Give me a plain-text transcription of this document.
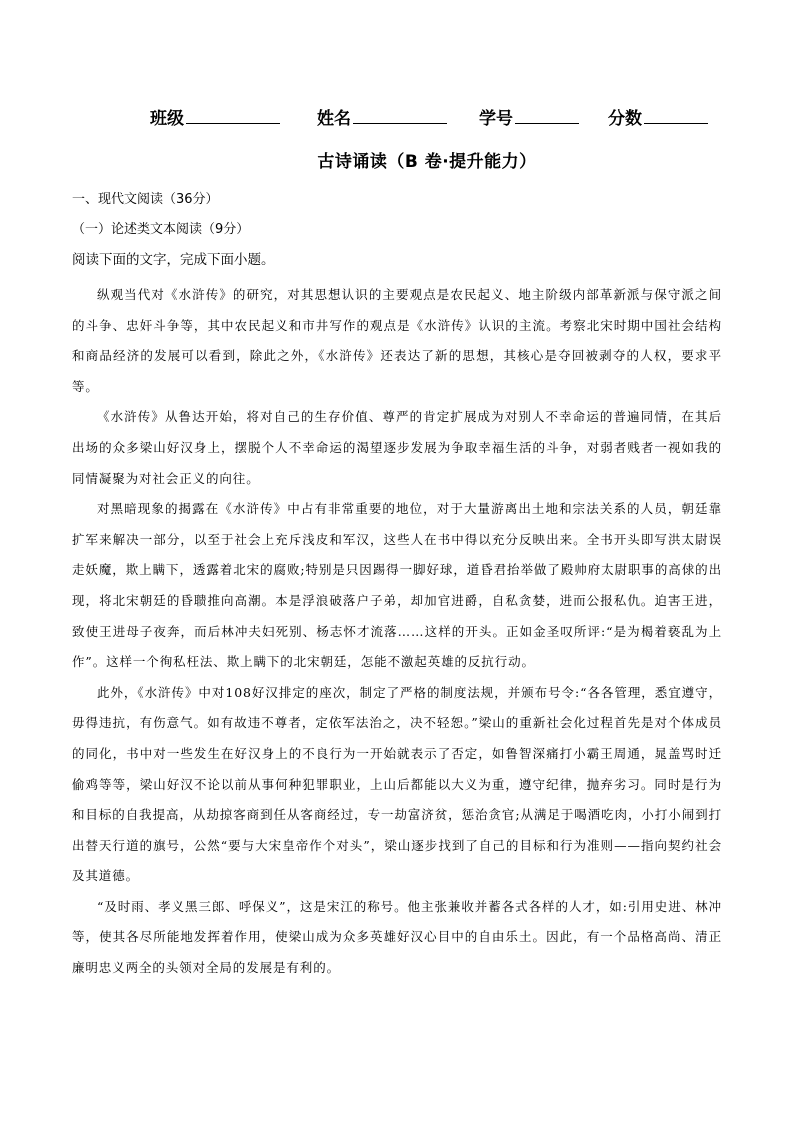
班级	姓名	学号	分数
古诗诵读（B 卷·提升能力）
一、现代文阅读（36分）
（一）论述类文本阅读（9分）
阅读下面的文字，完成下面小题。

纵观当代对《水浒传》的研究，对其思想认识的主要观点是农民起义、地主阶级内部革新派与保守派之间的斗争、忠奸斗争等，其中农民起义和市井写作的观点是《水浒传》认识的主流。考察北宋时期中国社会结构和商品经济的发展可以看到，除此之外，《水浒传》还表达了新的思想，其核心是夺回被剥夺的人权，要求平等。

《水浒传》从鲁达开始，将对自己的生存价值、尊严的肯定扩展成为对别人不幸命运的普遍同情，在其后出场的众多梁山好汉身上，摆脱个人不幸命运的渴望逐步发展为争取幸福生活的斗争，对弱者贱者一视如我的同情凝聚为对社会正义的向往。

对黑暗现象的揭露在《水浒传》中占有非常重要的地位，对于大量游离出土地和宗法关系的人员，朝廷靠扩军来解决一部分，以至于社会上充斥浅皮和军汉，这些人在书中得以充分反映出来。全书开头即写洪太尉误走妖魔，欺上瞒下，透露着北宋的腐败;特别是只因踢得一脚好球，道昏君抬举做了殿帅府太尉职事的高俅的出现，将北宋朝廷的昏聩推向高潮。本是浮浪破落户子弟，却加官进爵，自私贪婪，进而公报私仇。迫害王进，致使王进母子夜奔，而后林冲夫妇死别、杨志怀才流落……这样的开头。正如金圣叹所评:“是为楬着亵乱为上作”。这样一个徇私枉法、欺上瞒下的北宋朝廷，怎能不激起英雄的反抗行动。

此外，《水浒传》中对108好汉排定的座次，制定了严格的制度法规，并颁布号令:“各各管理，悉宜遵守，毋得违抗，有伤意气。如有故违不尊者，定依军法治之，决不轻恕。”梁山的重新社会化过程首先是对个体成员的同化，书中对一些发生在好汉身上的不良行为一开始就表示了否定，如鲁智深痛打小霸王周通，晁盖骂时迁偷鸡等等，梁山好汉不论以前从事何种犯罪职业，上山后都能以大义为重，遵守纪律，抛弃劣习。同时是行为和目标的自我提高，从劫掠客商到任从客商经过，专一劫富济贫，惩治贪官;从满足于喝酒吃肉，小打小闹到打出替天行道的旗号，公然“要与大宋皇帝作个对头”，梁山逐步找到了自己的目标和行为准则——指向契约社会及其道德。

“及时雨、孝义黑三郎、呼保义”，这是宋江的称号。他主张兼收并蓄各式各样的人才，如:引用史进、林冲等，使其各尽所能地发挥着作用，使梁山成为众多英雄好汉心目中的自由乐土。因此，有一个品格高尚、清正廉明忠义两全的头领对全局的发展是有利的。
